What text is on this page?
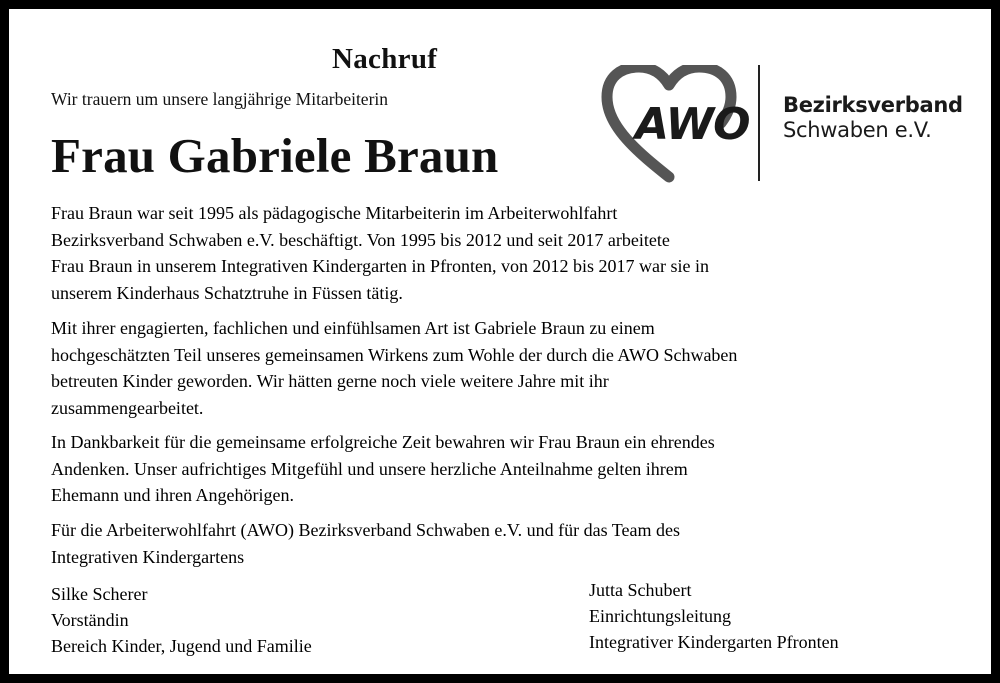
Nachruf
Wir trauern um unsere langjährige Mitarbeiterin
Frau Gabriele Braun
AWO Bezirksverband
Schwaben e.V.

Frau Braun war seit 1995 als pädagogische Mitarbeiterin im Arbeiterwohlfahrt
Bezirksverband Schwaben e.V. beschäftigt. Von 1995 bis 2012 und seit 2017 arbeitete
Frau Braun in unserem Integrativen Kindergarten in Pfronten, von 2012 bis 2017 war sie in
unserem Kinderhaus Schatztruhe in Füssen tätig.

Mit ihrer engagierten, fachlichen und einfühlsamen Art ist Gabriele Braun zu einem
hochgeschätzten Teil unseres gemeinsamen Wirkens zum Wohle der durch die AWO Schwaben
betreuten Kinder geworden. Wir hätten gerne noch viele weitere Jahre mit ihr
zusammengearbeitet.

In Dankbarkeit für die gemeinsame erfolgreiche Zeit bewahren wir Frau Braun ein ehrendes
Andenken. Unser aufrichtiges Mitgefühl und unsere herzliche Anteilnahme gelten ihrem
Ehemann und ihren Angehörigen.

Für die Arbeiterwohlfahrt (AWO) Bezirksverband Schwaben e.V. und für das Team des
Integrativen Kindergartens

Silke Scherer
Vorständin
Bereich Kinder, Jugend und Familie
Jutta Schubert
Einrichtungsleitung
Integrativer Kindergarten Pfronten
